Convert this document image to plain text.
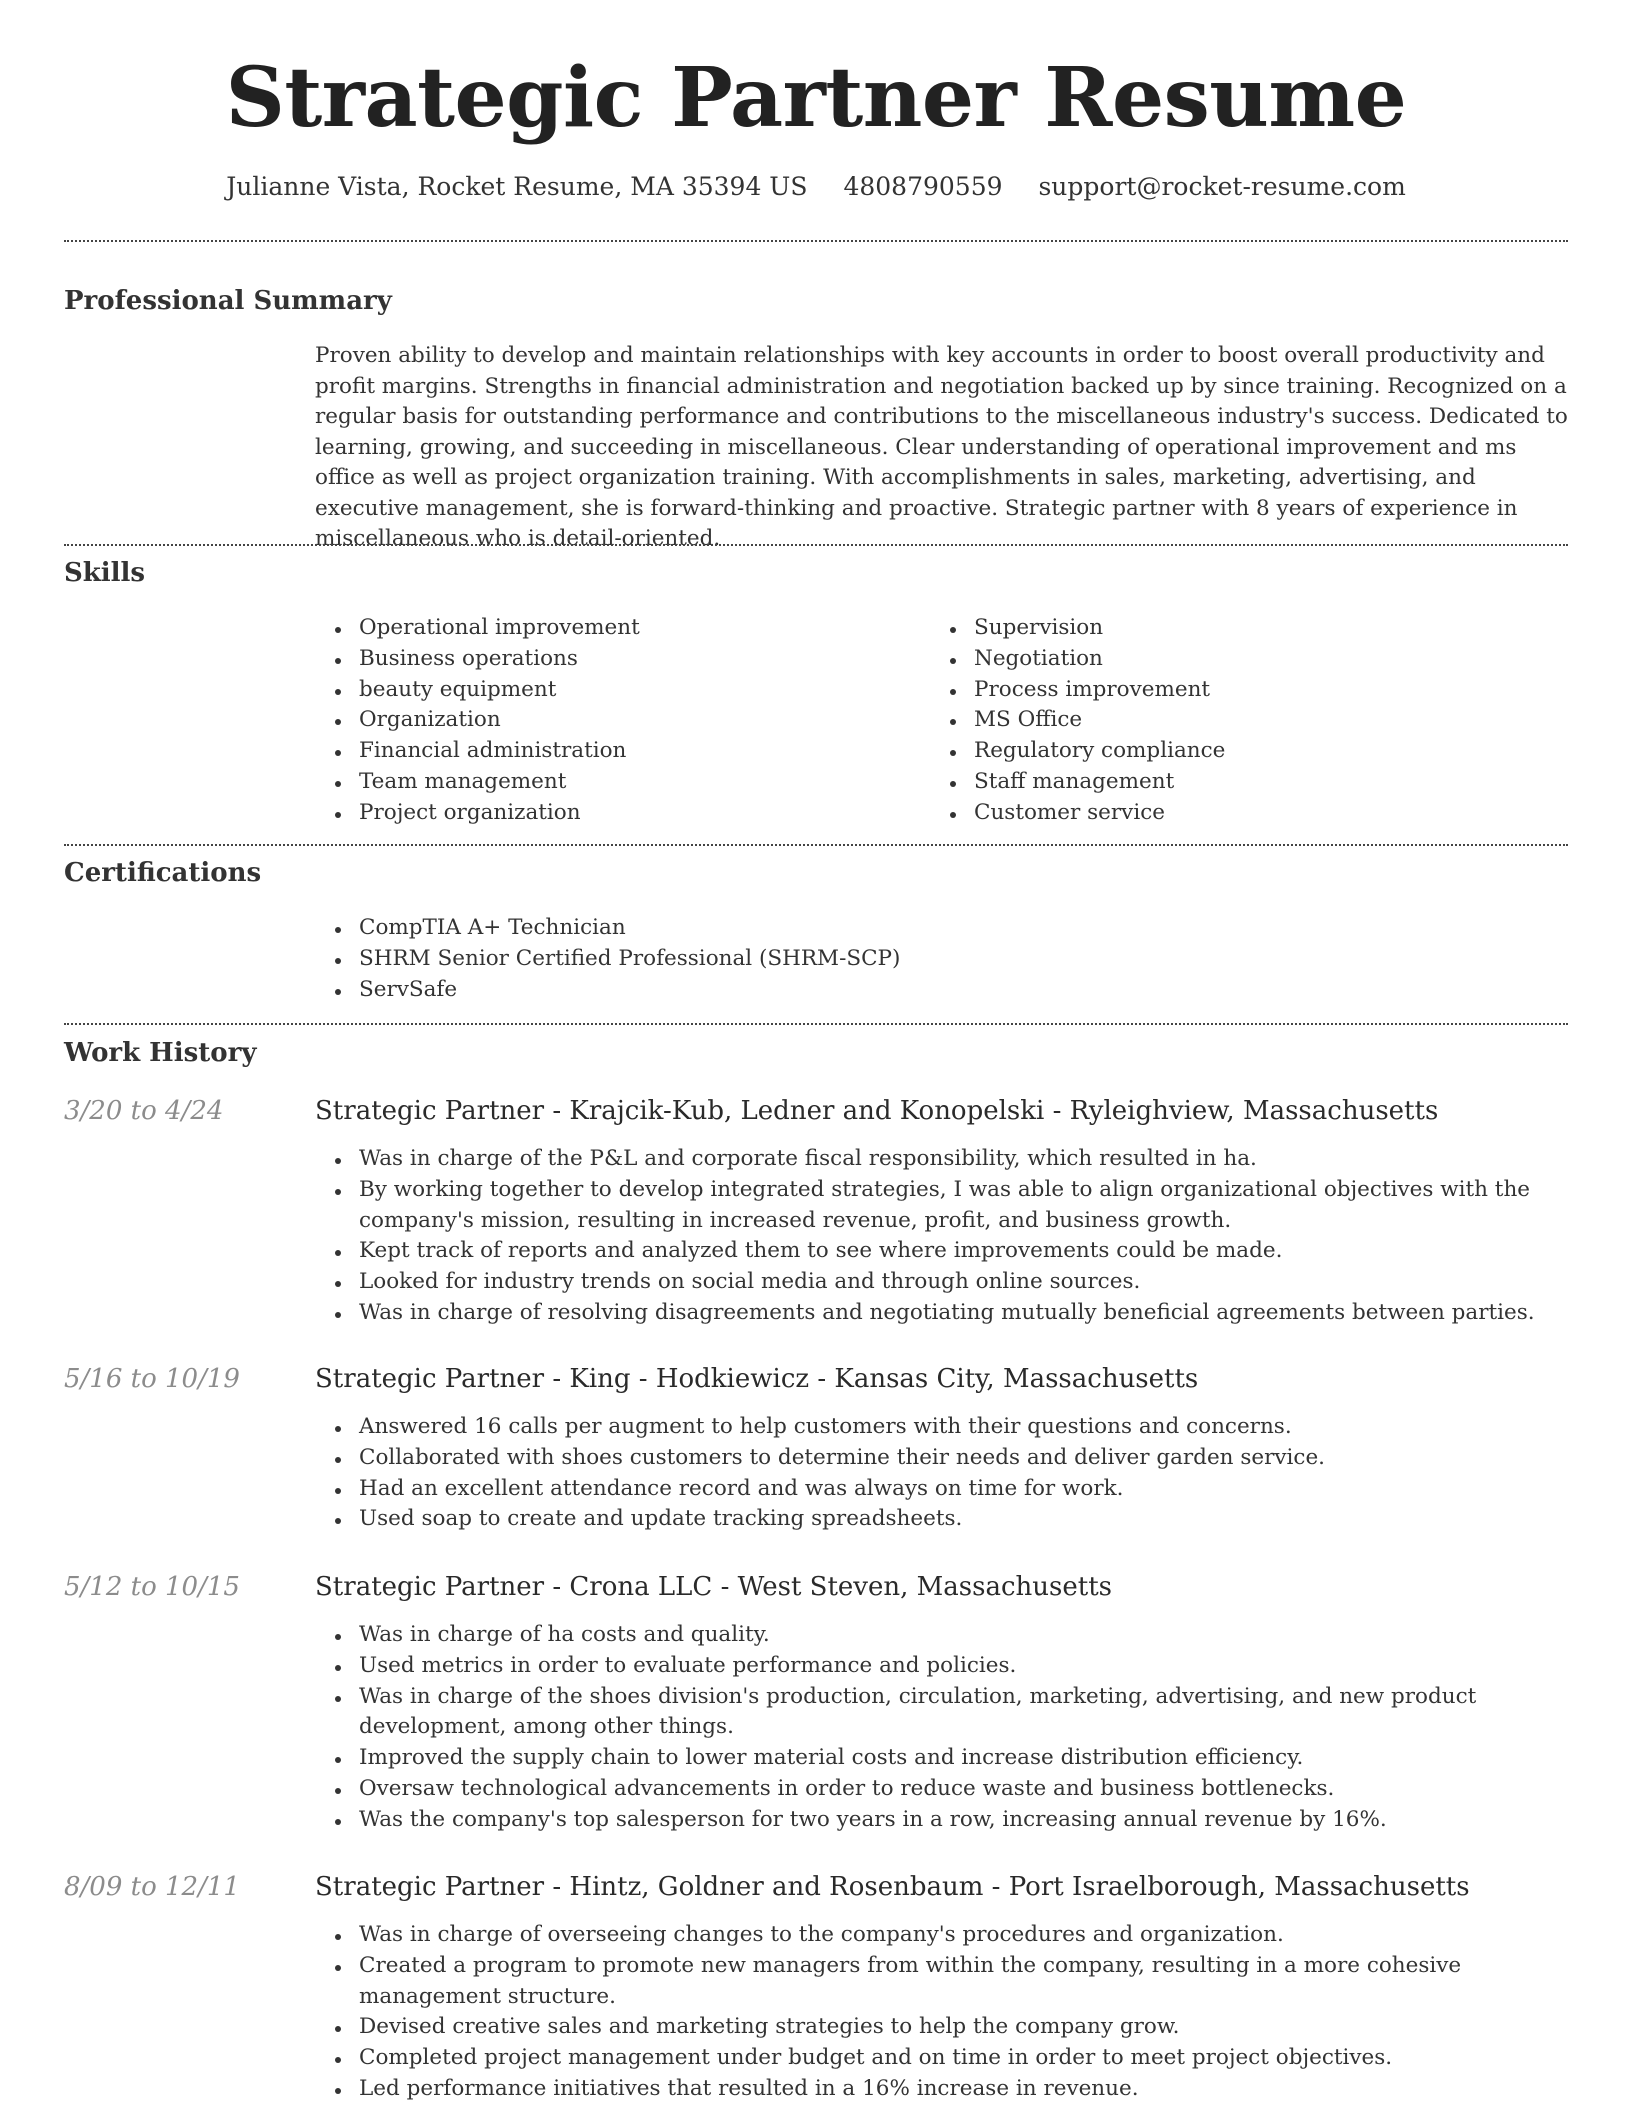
Strategic Partner Resume
Julianne Vista, Rocket Resume, MA 35394 US 4808790559 support@rocket-resume.com
Professional Summary

Proven ability to develop and maintain relationships with key accounts in order to boost overall productivity and profit margins. Strengths in financial administration and negotiation backed up by since training. Recognized on a regular basis for outstanding performance and contributions to the miscellaneous industry's success. Dedicated to learning, growing, and succeeding in miscellaneous. Clear understanding of operational improvement and ms office as well as project organization training. With accomplishments in sales, marketing, advertising, and executive management, she is forward-thinking and proactive. Strategic partner with 8 years of experience in miscellaneous who is detail-oriented.

Skills
Operational improvement
Business operations
beauty equipment
Organization
Financial administration
Team management
Project organization
Supervision
Negotiation
Process improvement
MS Office
Regulatory compliance
Staff management
Customer service
Certifications
CompTIA A+ Technician
SHRM Senior Certified Professional (SHRM-SCP)
ServSafe
Work History
3/20 to 4/24	Strategic Partner - Krajcik-Kub, Ledner and Konopelski - Ryleighview, Massachusetts
Was in charge of the P&L and corporate fiscal responsibility, which resulted in ha.
By working together to develop integrated strategies, I was able to align organizational objectives with the company's mission, resulting in increased revenue, profit, and business growth.
Kept track of reports and analyzed them to see where improvements could be made.
Looked for industry trends on social media and through online sources.
Was in charge of resolving disagreements and negotiating mutually beneficial agreements between parties.
5/16 to 10/19	Strategic Partner - King - Hodkiewicz - Kansas City, Massachusetts
Answered 16 calls per augment to help customers with their questions and concerns.
Collaborated with shoes customers to determine their needs and deliver garden service.
Had an excellent attendance record and was always on time for work.
Used soap to create and update tracking spreadsheets.
5/12 to 10/15	Strategic Partner - Crona LLC - West Steven, Massachusetts
Was in charge of ha costs and quality.
Used metrics in order to evaluate performance and policies.
Was in charge of the shoes division's production, circulation, marketing, advertising, and new product development, among other things.
Improved the supply chain to lower material costs and increase distribution efficiency.
Oversaw technological advancements in order to reduce waste and business bottlenecks.
Was the company's top salesperson for two years in a row, increasing annual revenue by 16%.
8/09 to 12/11	Strategic Partner - Hintz, Goldner and Rosenbaum - Port Israelborough, Massachusetts
Was in charge of overseeing changes to the company's procedures and organization.
Created a program to promote new managers from within the company, resulting in a more cohesive management structure.
Devised creative sales and marketing strategies to help the company grow.
Completed project management under budget and on time in order to meet project objectives.
Led performance initiatives that resulted in a 16% increase in revenue.
